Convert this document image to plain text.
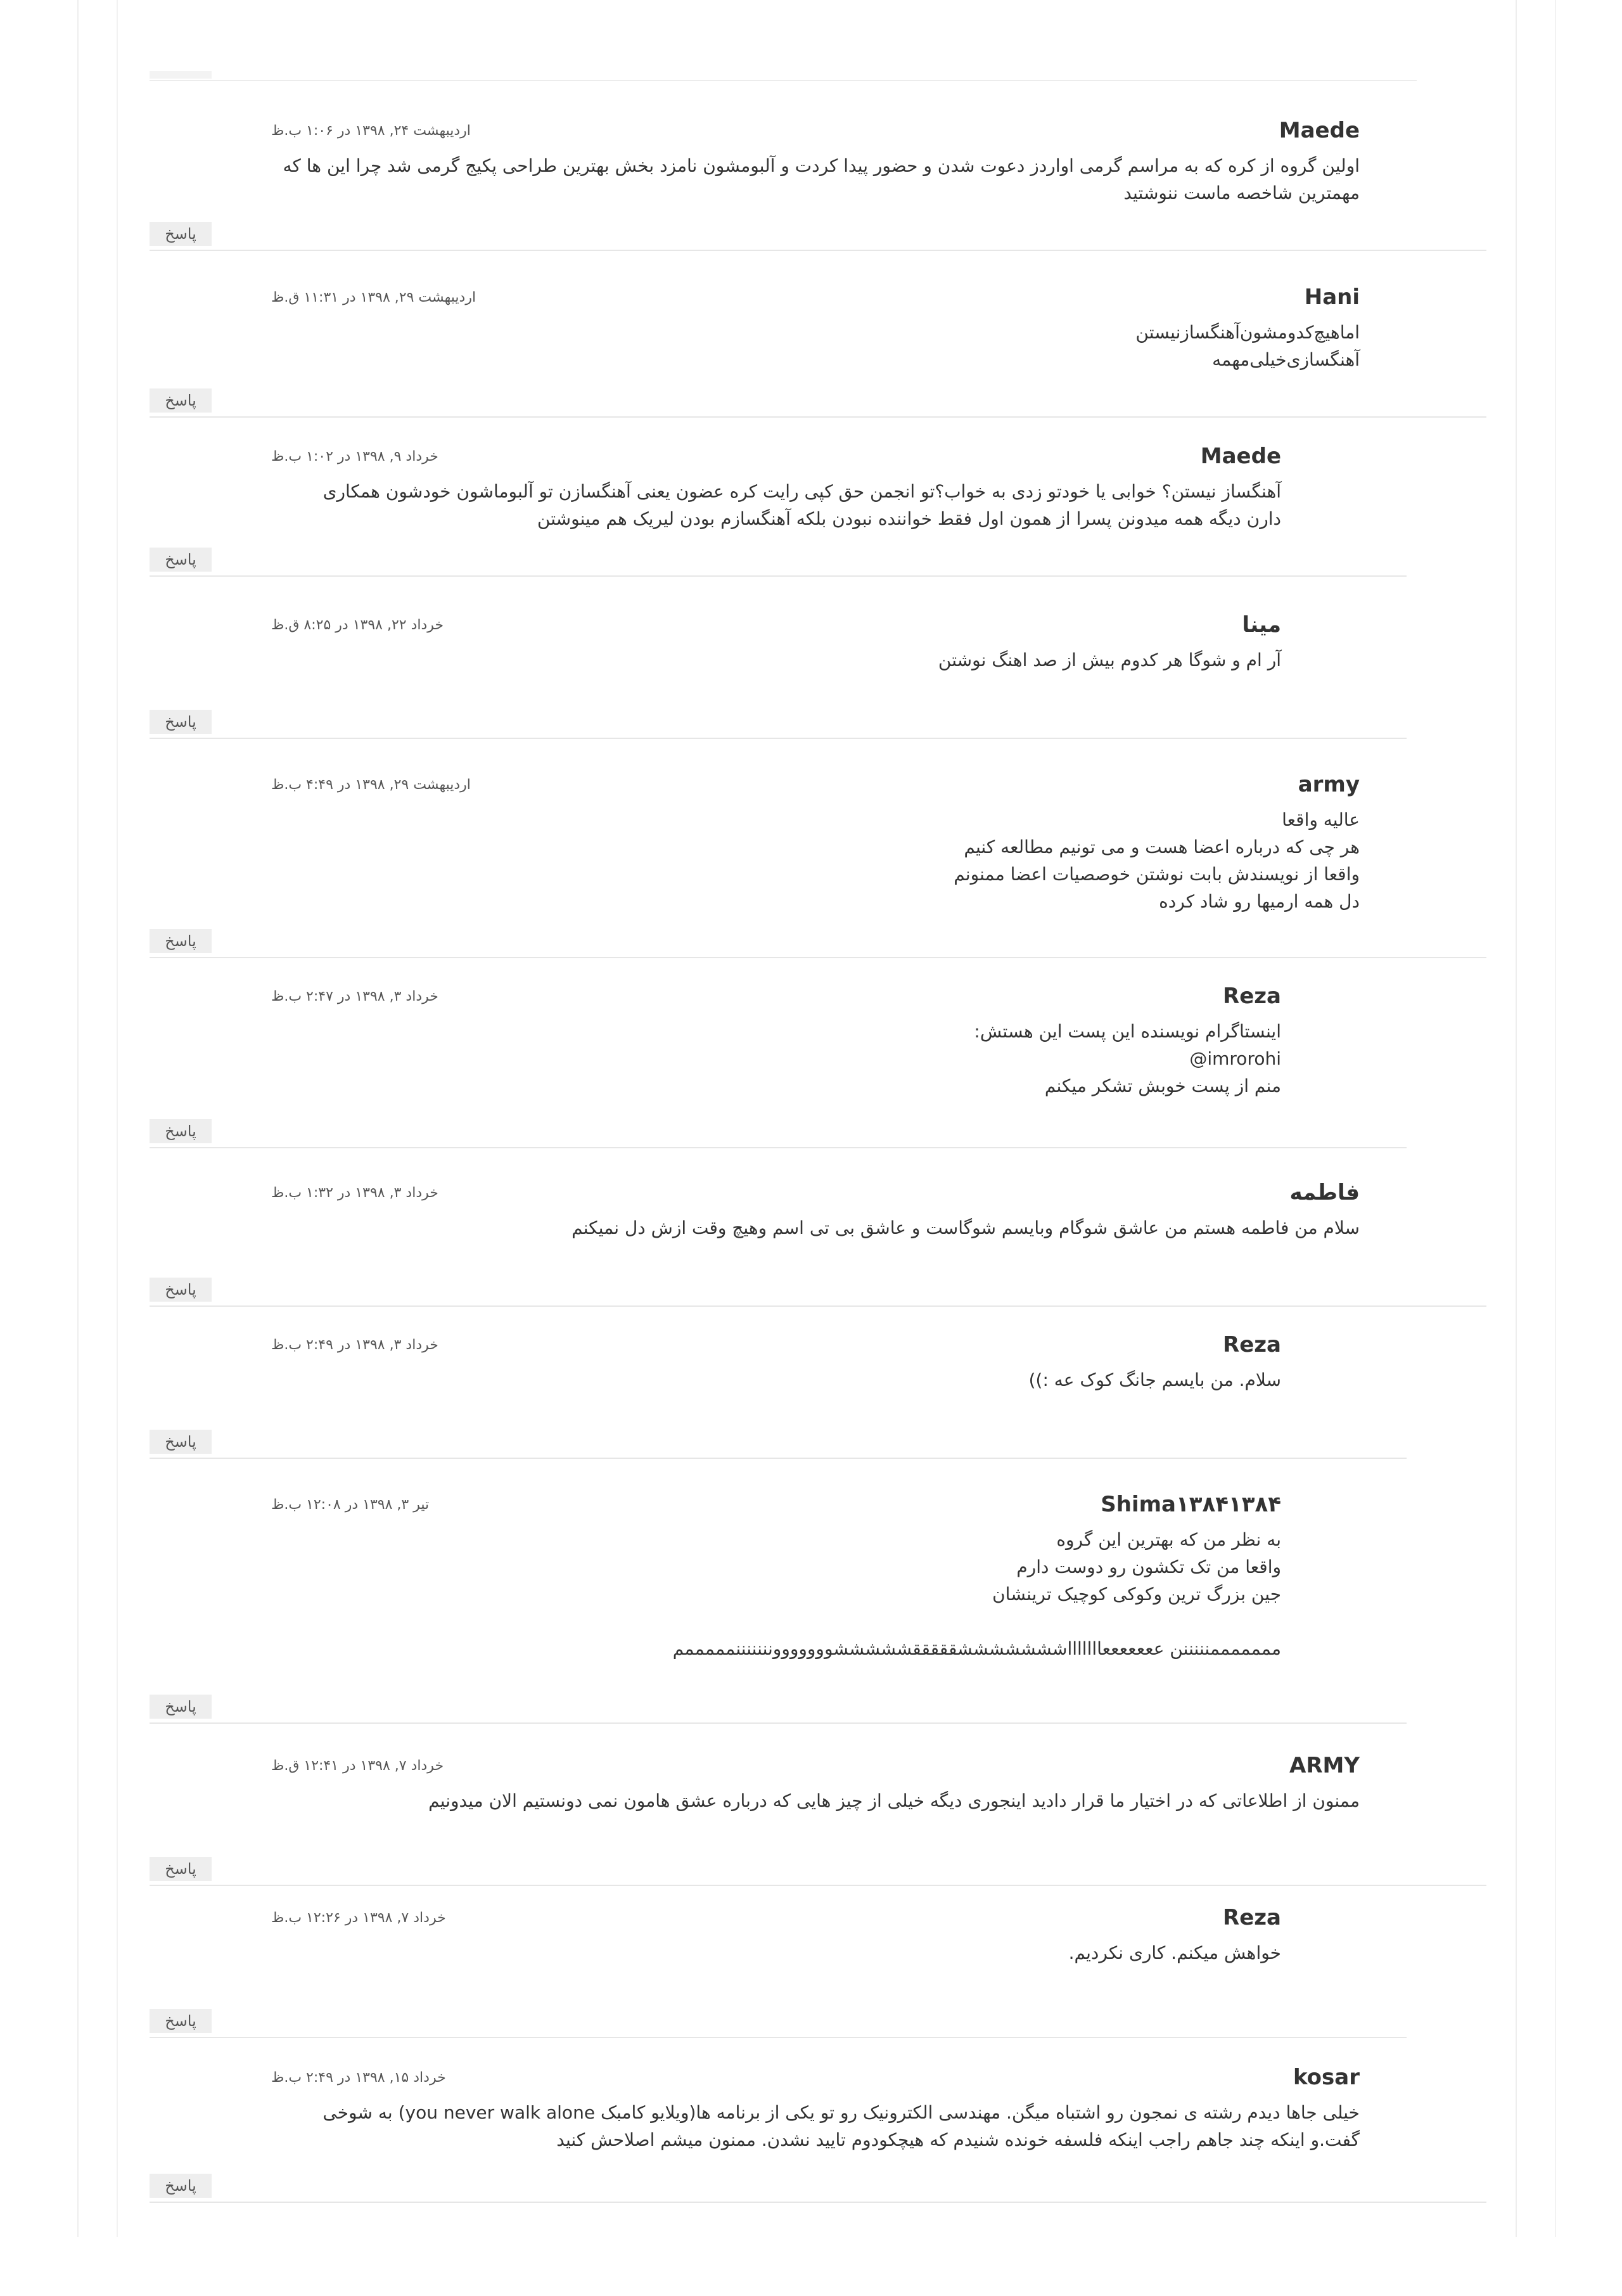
Maede
اردیبهشت ۲۴, ۱۳۹۸ در ۱:۰۶ ب.ظ

اولین گروه از کره که به مراسم گرمی اواردز دعوت شدن و حضور پیدا کردت و آلبومشون نامزد بخش بهترین طراحی پکیج گرمی شد چرا این ها که

مهمترین شاخصه ماست ننوشتید

پاسخ
Hani
اردیبهشت ۲۹, ۱۳۹۸ در ۱۱:۳۱ ق.ظ

اماهیچ‌کدومشون‌آهنگسازنیستن

آهنگسازی‌خیلی‌مهمه

پاسخ
Maede
خرداد ۹, ۱۳۹۸ در ۱:۰۲ ب.ظ

آهنگساز نیستن؟ خوابی یا خودتو زدی به خواب؟تو انجمن حق کپی رایت کره عضون یعنی آهنگسازن تو آلبوماشون خودشون همکاری

دارن دیگه همه میدونن پسرا از همون اول فقط خواننده نبودن بلکه آهنگسازم بودن لیریک هم مینوشتن

پاسخ
مینا
خرداد ۲۲, ۱۳۹۸ در ۸:۲۵ ق.ظ

آر ام و شوگا هر کدوم بیش از صد اهنگ نوشتن

پاسخ
army
اردیبهشت ۲۹, ۱۳۹۸ در ۴:۴۹ ب.ظ

عالیه واقعا

هر چی که درباره اعضا هست و می تونیم مطالعه کنیم

واقعا از نویسندش بابت نوشتن خوصصیات اعضا ممنونم

دل همه ارمیها رو شاد کرده

پاسخ
Reza
خرداد ۳, ۱۳۹۸ در ۲:۴۷ ب.ظ

اینستاگرام نویسنده این پست این هستش:

imrorohi@

منم از پست خوبش تشکر میکنم

پاسخ
فاطمه
خرداد ۳, ۱۳۹۸ در ۱:۳۲ ب.ظ

سلام من فاطمه هستم من عاشق شوگام وبایسم شوگاست و عاشق بی تی اسم وهیچ وقت ازش دل نمیکنم

پاسخ
Reza
خرداد ۳, ۱۳۹۸ در ۲:۴۹ ب.ظ

سلام. من بایسم جانگ کوک عه :))

پاسخ
Shima۱۳۸۴۱۳۸۴
تیر ۳, ۱۳۹۸ در ۱۲:۰۸ ب.ظ

به نظر من که بهترین این گروه

واقعا من تک تکشون رو دوست دارم

جین بزرگ ترین وکوکی کوچیک ترینشان

مممممممنننننن عععععععاااااااشششششششقققققشششششووووووونننننننمممممم

پاسخ
ARMY
خرداد ۷, ۱۳۹۸ در ۱۲:۴۱ ق.ظ

ممنون از اطلاعاتی که در اختیار ما قرار دادید اینجوری دیگه خیلی از چیز هایی که درباره عشق هامون نمی دونستیم الان میدونیم

پاسخ
Reza
خرداد ۷, ۱۳۹۸ در ۱۲:۲۶ ب.ظ

خواهش میکنم. کاری نکردیم.

پاسخ
kosar
خرداد ۱۵, ۱۳۹۸ در ۲:۴۹ ب.ظ

خیلی جاها دیدم رشته ی نمجون رو اشتباه میگن. مهندسی الکترونیک رو تو یکی از برنامه ها(ویلایو کامبک you never walk alone) به شوخی

گفت.و اینکه چند جاهم راجب اینکه فلسفه خونده شنیدم که هیچکودوم تایید نشدن. ممنون میشم اصلاحش کنید

پاسخ
